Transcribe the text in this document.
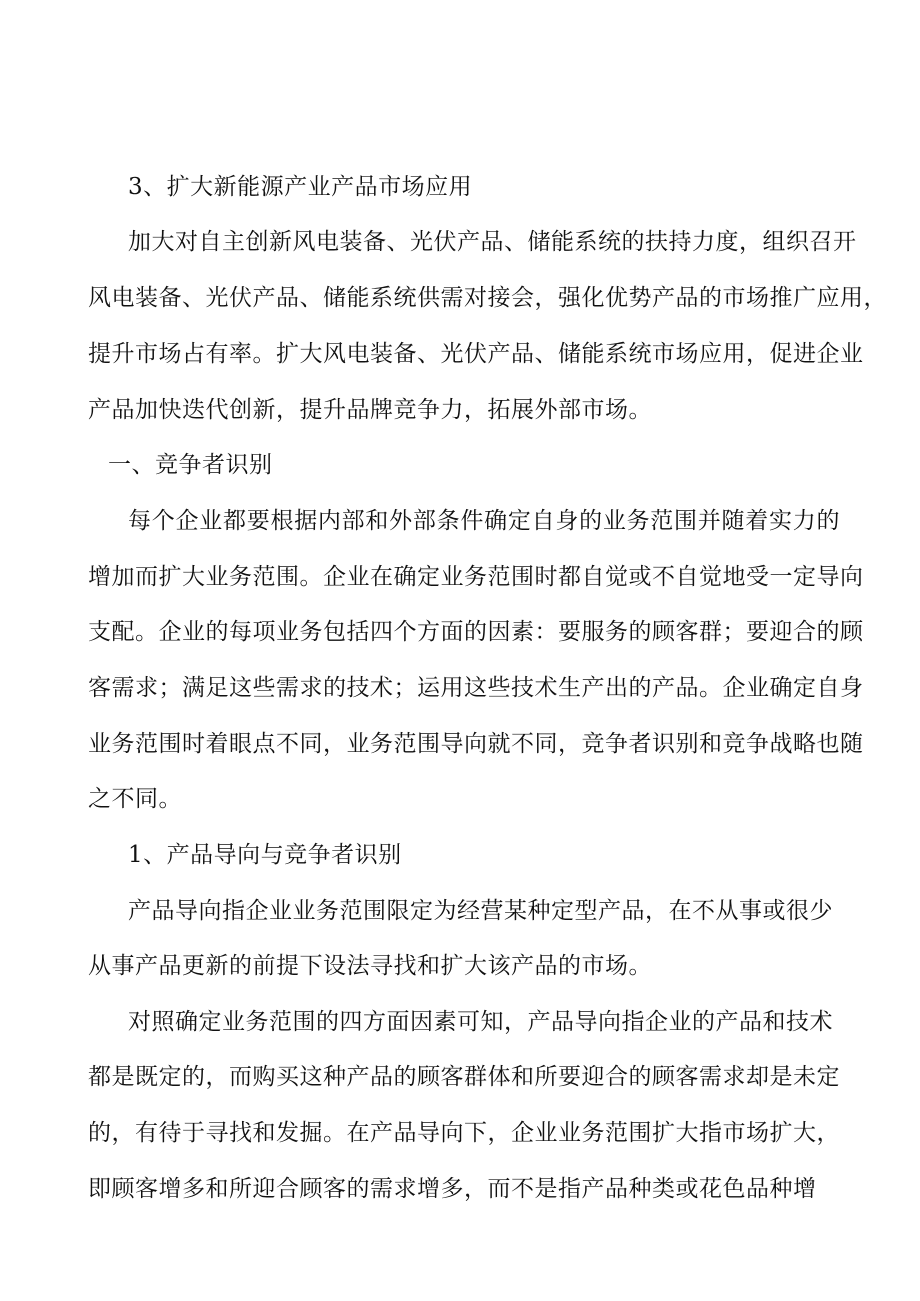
3、扩大新能源产业产品市场应用
加大对自主创新风电装备、光伏产品、储能系统的扶持力度，组织召开
风电装备、光伏产品、储能系统供需对接会，强化优势产品的市场推广应用，
提升市场占有率。扩大风电装备、光伏产品、储能系统市场应用，促进企业
产品加快迭代创新，提升品牌竞争力，拓展外部市场。
一、竞争者识别
每个企业都要根据内部和外部条件确定自身的业务范围并随着实力的
增加而扩大业务范围。企业在确定业务范围时都自觉或不自觉地受一定导向
支配。企业的每项业务包括四个方面的因素：要服务的顾客群；要迎合的顾
客需求；满足这些需求的技术；运用这些技术生产出的产品。企业确定自身
业务范围时着眼点不同，业务范围导向就不同，竞争者识别和竞争战略也随
之不同。
1、产品导向与竞争者识别
产品导向指企业业务范围限定为经营某种定型产品，在不从事或很少
从事产品更新的前提下设法寻找和扩大该产品的市场。
对照确定业务范围的四方面因素可知，产品导向指企业的产品和技术
都是既定的，而购买这种产品的顾客群体和所要迎合的顾客需求却是未定
的，有待于寻找和发掘。在产品导向下，企业业务范围扩大指市场扩大，
即顾客增多和所迎合顾客的需求增多，而不是指产品种类或花色品种增
